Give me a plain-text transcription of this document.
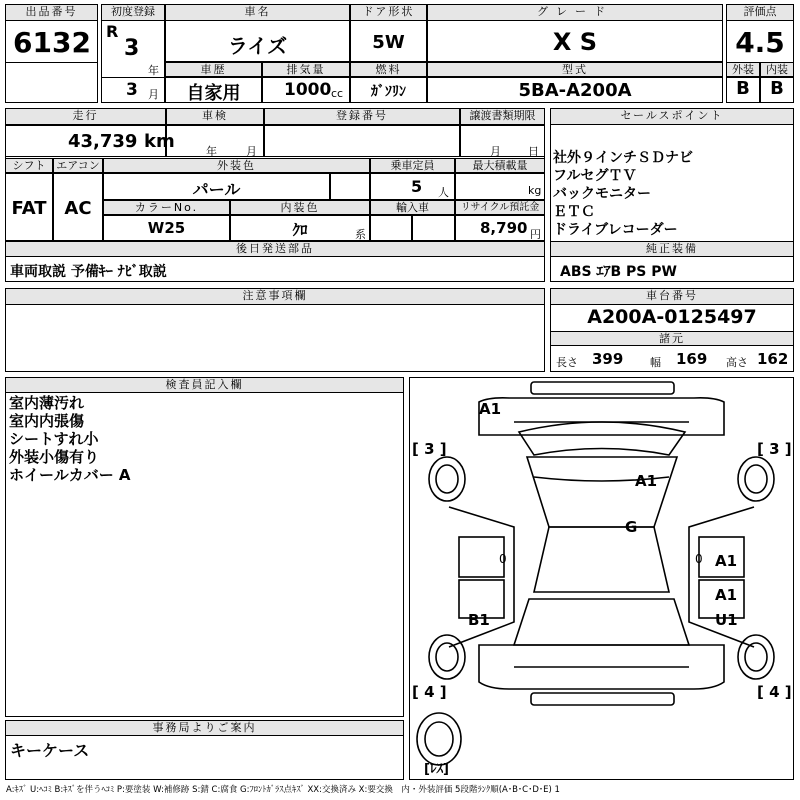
出品番号
6132
初度登録
R
3
年
3 月
車名
ライズ
ドア形状
5W
グレード
X S
評価点
4.5
外装	内装
B	B
車歴
自家用
排気量
1000 cc
燃料
ｶﾞｿﾘﾝ
型式
5BA-A200A
走行
43,739 km
車検
年	月
登録番号	譲渡書類期限
月 日
シフト
FAT
エアコン
AC
外装色
パール
乗車定員
5 人
最大積載量
kg
カラーNo.
W25
内装色
ｸﾛ	系
輸入車	リサイクル預託金
8,790 円
後日発送部品
車両取説 予備ｷｰ ﾅﾋﾞ取説
セールスポイント
社外９インチＳＤナビ
フルセグＴＶ
バックモニター
ＥＴＣ
ドライブレコーダー
純正装備
ABS ｴｱB PS PW
車台番号
A200A-0125497
諸元
長さ 399 幅 169 高さ 162
注意事項欄
検査員記入欄
室内薄汚れ
室内内張傷
シートすれ小
外装小傷有り
ホイールカバー A
事務局よりご案内
キーケース
[ 3 ]	[ 3 ]
[ 4 ]	[ 4 ]
[ﾚｽ]
A1
A1
G
A1
A1
U1
B1
0	0
A:ｷｽﾞ U:ﾍｺﾐ B:ｷｽﾞを伴うﾍｺﾐ P:要塗装 W:補修跡 S:錆 C:腐食 G:ﾌﾛﾝﾄｶﾞﾗｽ点ｷｽﾞ XX:交換済み X:要交換　内・外装評価 5段階ﾗﾝｸ順(A･B･C･D･E) 1
